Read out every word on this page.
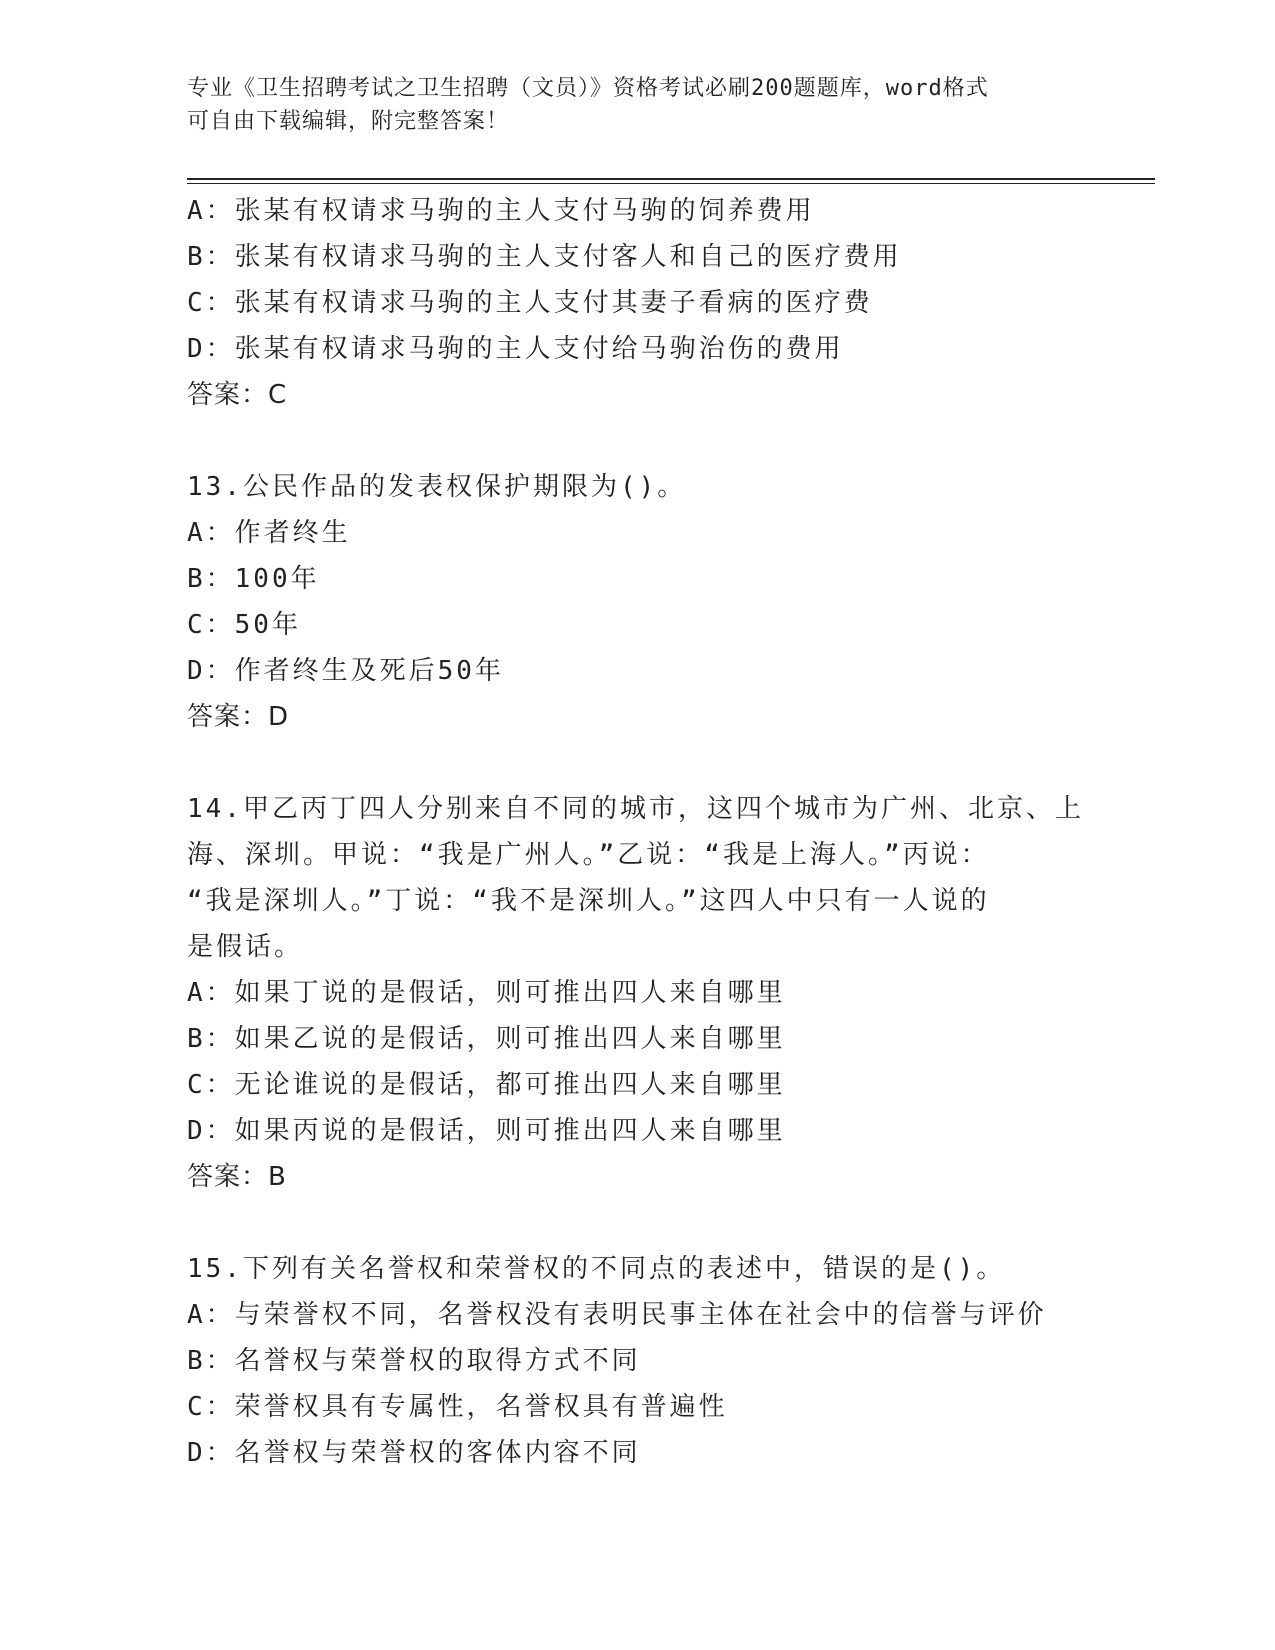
专业《卫生招聘考试之卫生招聘（文员）》资格考试必刷200题题库，word格式
可自由下载编辑，附完整答案！
A：张某有权请求马驹的主人支付马驹的饲养费用
B：张某有权请求马驹的主人支付客人和自己的医疗费用
C：张某有权请求马驹的主人支付其妻子看病的医疗费
D：张某有权请求马驹的主人支付给马驹治伤的费用
答案：C
13.公民作品的发表权保护期限为()。
A：作者终生
B：100年
C：50年
D：作者终生及死后50年
答案：D
14.甲乙丙丁四人分别来自不同的城市，这四个城市为广州、北京、上
海、深圳。甲说：“我是广州人。”乙说：“我是上海人。”丙说：
“我是深圳人。”丁说：“我不是深圳人。”这四人中只有一人说的
是假话。
A：如果丁说的是假话，则可推出四人来自哪里
B：如果乙说的是假话，则可推出四人来自哪里
C：无论谁说的是假话，都可推出四人来自哪里
D：如果丙说的是假话，则可推出四人来自哪里
答案：B
15.下列有关名誉权和荣誉权的不同点的表述中，错误的是()。
A：与荣誉权不同，名誉权没有表明民事主体在社会中的信誉与评价
B：名誉权与荣誉权的取得方式不同
C：荣誉权具有专属性，名誉权具有普遍性
D：名誉权与荣誉权的客体内容不同
